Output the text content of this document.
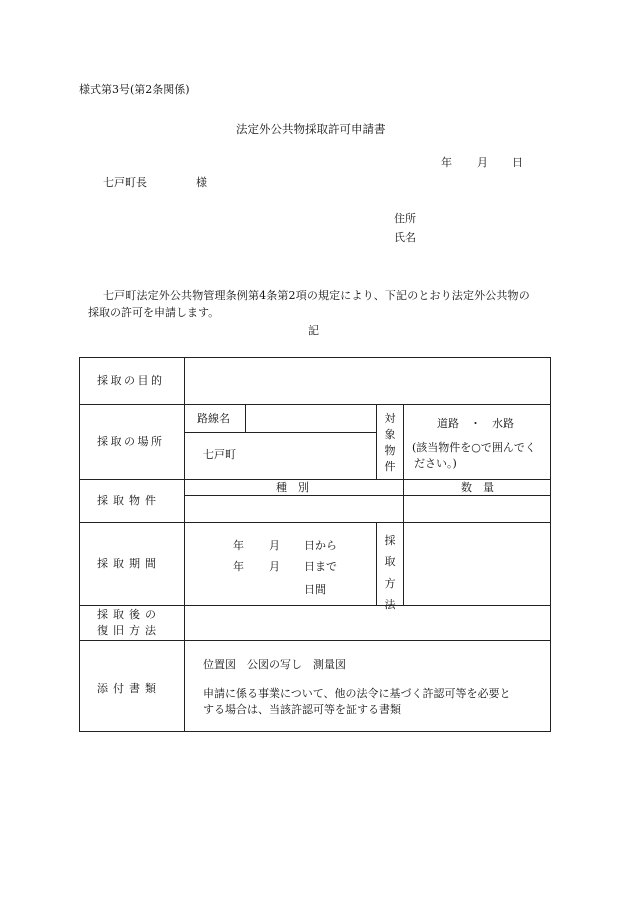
様式第3号(第2条関係)
法定外公共物採取許可申請書
年 月 日
七戸町長	様
住所
氏名
七戸町法定外公共物管理条例第4条第2項の規定により、下記のとおり法定外公共物の
採取の許可を申請します。
記
採取の目的
採取の場所
路線名
七戸町
対象物件
道路　・　水路
(該当物件を○で囲んでく
ださい。)
採取物件
種　別	数　量
採取期間
年 月 日から
年 月 日まで
日間
採取方法
採取後の
復旧方法
添付書類
位置図　公図の写し　測量図
申請に係る事業について、他の法令に基づく許認可等を必要と
する場合は、当該許認可等を証する書類
